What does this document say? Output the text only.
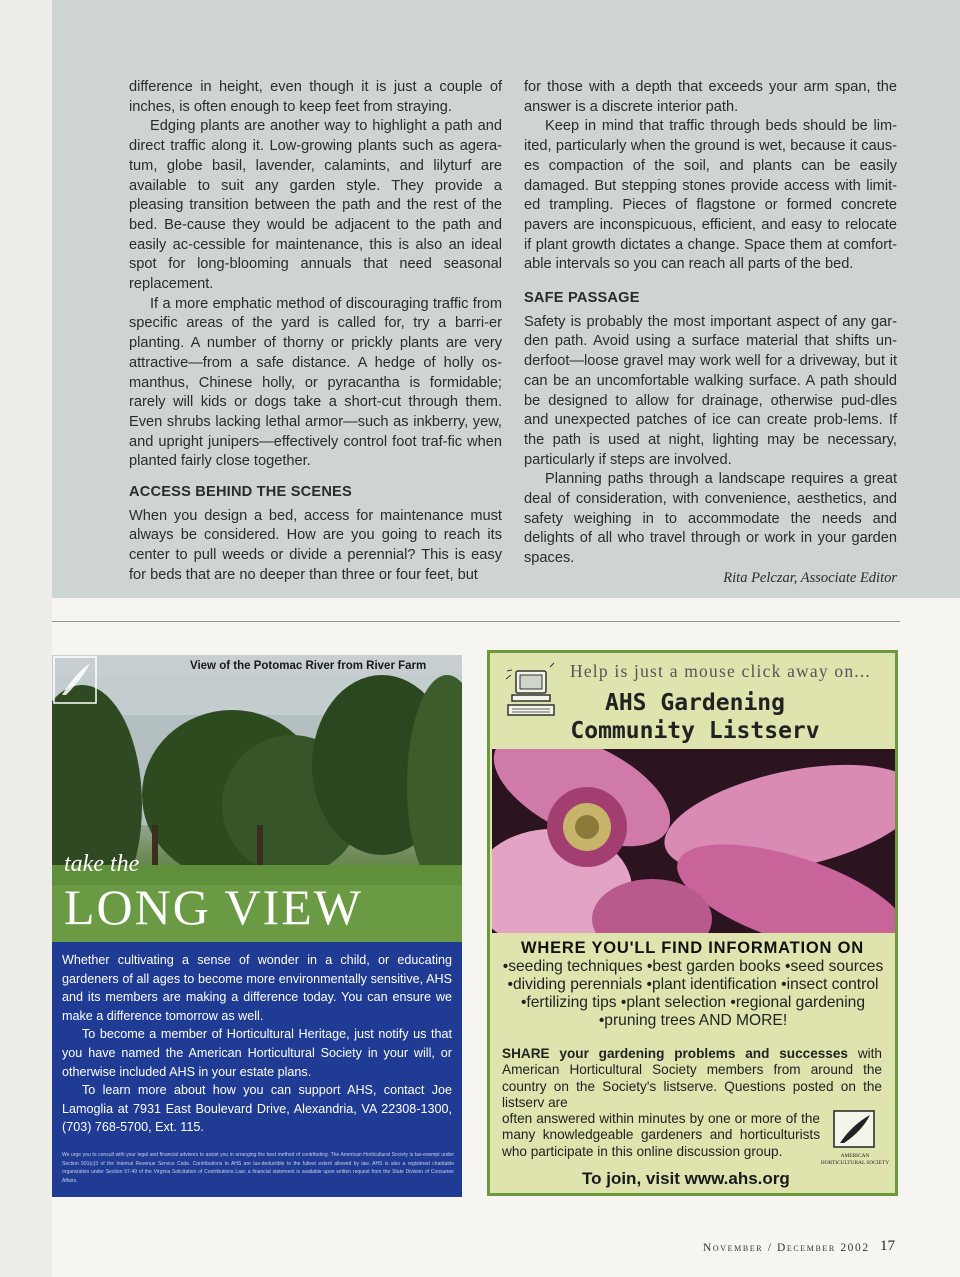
difference in height, even though it is just a couple of inches, is often enough to keep feet from straying.

Edging plants are another way to highlight a path and direct traffic along it. Low-growing plants such as agera-tum, globe basil, lavender, calamints, and lilyturf are available to suit any garden style. They provide a pleasing transition between the path and the rest of the bed. Be-cause they would be adjacent to the path and easily ac-cessible for maintenance, this is also an ideal spot for long-blooming annuals that need seasonal replacement.

If a more emphatic method of discouraging traffic from specific areas of the yard is called for, try a barri-er planting. A number of thorny or prickly plants are very attractive—from a safe distance. A hedge of holly os-manthus, Chinese holly, or pyracantha is formidable; rarely will kids or dogs take a short-cut through them. Even shrubs lacking lethal armor—such as inkberry, yew, and upright junipers—effectively control foot traf-fic when planted fairly close together.

ACCESS BEHIND THE SCENES

When you design a bed, access for maintenance must always be considered. How are you going to reach its center to pull weeds or divide a perennial? This is easy for beds that are no deeper than three or four feet, but

for those with a depth that exceeds your arm span, the answer is a discrete interior path.

Keep in mind that traffic through beds should be lim-ited, particularly when the ground is wet, because it caus-es compaction of the soil, and plants can be easily damaged. But stepping stones provide access with limit-ed trampling. Pieces of flagstone or formed concrete pavers are inconspicuous, efficient, and easy to relocate if plant growth dictates a change. Space them at comfort-able intervals so you can reach all parts of the bed.

SAFE PASSAGE

Safety is probably the most important aspect of any gar-den path. Avoid using a surface material that shifts un-derfoot—loose gravel may work well for a driveway, but it can be an uncomfortable walking surface. A path should be designed to allow for drainage, otherwise pud-dles and unexpected patches of ice can create prob-lems. If the path is used at night, lighting may be necessary, particularly if steps are involved.

Planning paths through a landscape requires a great deal of consideration, with convenience, aesthetics, and safety weighing in to accommodate the needs and delights of all who travel through or work in your garden spaces.

Rita Pelczar, Associate Editor
View of the Potomac River from River Farm
take the
LONG VIEW

Whether cultivating a sense of wonder in a child, or educating gardeners of all ages to become more environmentally sensitive, AHS and its members are making a difference today. You can ensure we make a difference tomorrow as well.

To become a member of Horticultural Heritage, just notify us that you have named the American Horticultural Society in your will, or otherwise included AHS in your estate plans.

To learn more about how you can support AHS, contact Joe Lamoglia at 7931 East Boulevard Drive, Alexandria, VA 22308-1300, (703) 768-5700, Ext. 115.

We urge you to consult with your legal and financial advisors to assist you in arranging the best method of contributing. The American Horticultural Society is tax-exempt under Section 501(c)3 of the Internal Revenue Service Code. Contributions to AHS are tax-deductible to the fullest extent allowed by law. AHS is also a registered charitable organization under Section 57-49 of the Virginia Solicitation of Contributions Law; a financial statement is available upon written request from the State Division of Consumer Affairs.
Help is just a mouse click away on...
AHS Gardening
Community Listserv
WHERE YOU'LL FIND INFORMATION ON
•seeding techniques •best garden books •seed sources •dividing perennials •plant identification •insect control •fertilizing tips •plant selection •regional gardening •pruning trees AND MORE!
SHARE your gardening problems and successes with American Horticultural Society members from around the country on the Society's listserve. Questions posted on the listserv are
often answered within minutes by one or more of the many knowledgeable gardeners and horticulturists who participate in this online discussion group.	AMERICAN HORTICULTURAL SOCIETY
To join, visit www.ahs.org
November / December 2002 17
